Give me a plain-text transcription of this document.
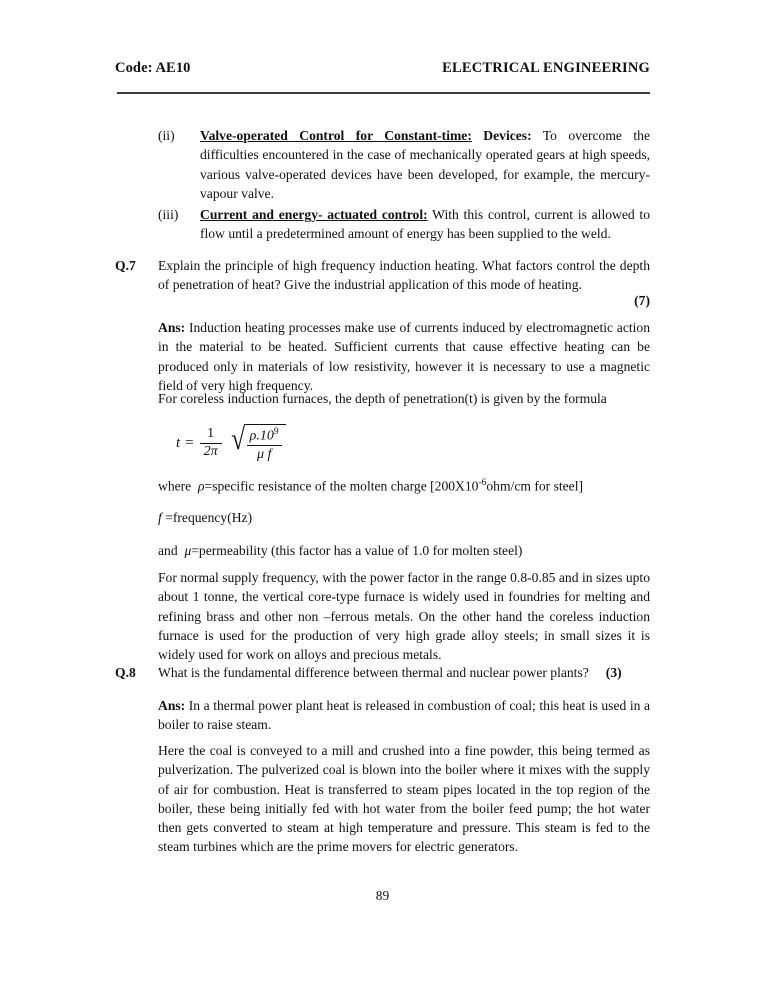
Code: AE10	ELECTRICAL ENGINEERING
(ii)	Valve-operated Control for Constant-time: Devices: To overcome the difficulties encountered in the case of mechanically operated gears at high speeds, various valve-operated devices have been developed, for example, the mercury-vapour valve.
(iii)	Current and energy- actuated control: With this control, current is allowed to flow until a predetermined amount of energy has been supplied to the weld.
Q.7	Explain the principle of high frequency induction heating. What factors control the depth of penetration of heat? Give the industrial application of this mode of heating.
(7)
Ans: Induction heating processes make use of currents induced by electromagnetic action in the material to be heated. Sufficient currents that cause effective heating can be produced only in materials of low resistivity, however it is necessary to use a magnetic field of very high frequency.
For coreless induction furnaces, the depth of penetration(t) is given by the formula
$t = \frac{1}{2\pi}$ √ $\frac{\rho.10^9}{\text{μ f}}$
where ρ=specific resistance of the molten charge [$200X10^{-6}ohm/cm$ for steel]
f =frequency(Hz)
and μ=permeability (this factor has a value of 1.0 for molten steel)
For normal supply frequency, with the power factor in the range 0.8-0.85 and in sizes upto about 1 tonne, the vertical core-type furnace is widely used in foundries for melting and refining brass and other non –ferrous metals. On the other hand the coreless induction furnace is used for the production of very high grade alloy steels; in small sizes it is widely used for work on alloys and precious metals.
Q.8	What is the fundamental difference between thermal and nuclear power plants? (3)
Ans: In a thermal power plant heat is released in combustion of coal; this heat is used in a boiler to raise steam.
Here the coal is conveyed to a mill and crushed into a fine powder, this being termed as pulverization. The pulverized coal is blown into the boiler where it mixes with the supply of air for combustion. Heat is transferred to steam pipes located in the top region of the boiler, these being initially fed with hot water from the boiler feed pump; the hot water then gets converted to steam at high temperature and pressure. This steam is fed to the steam turbines which are the prime movers for electric generators.
89
